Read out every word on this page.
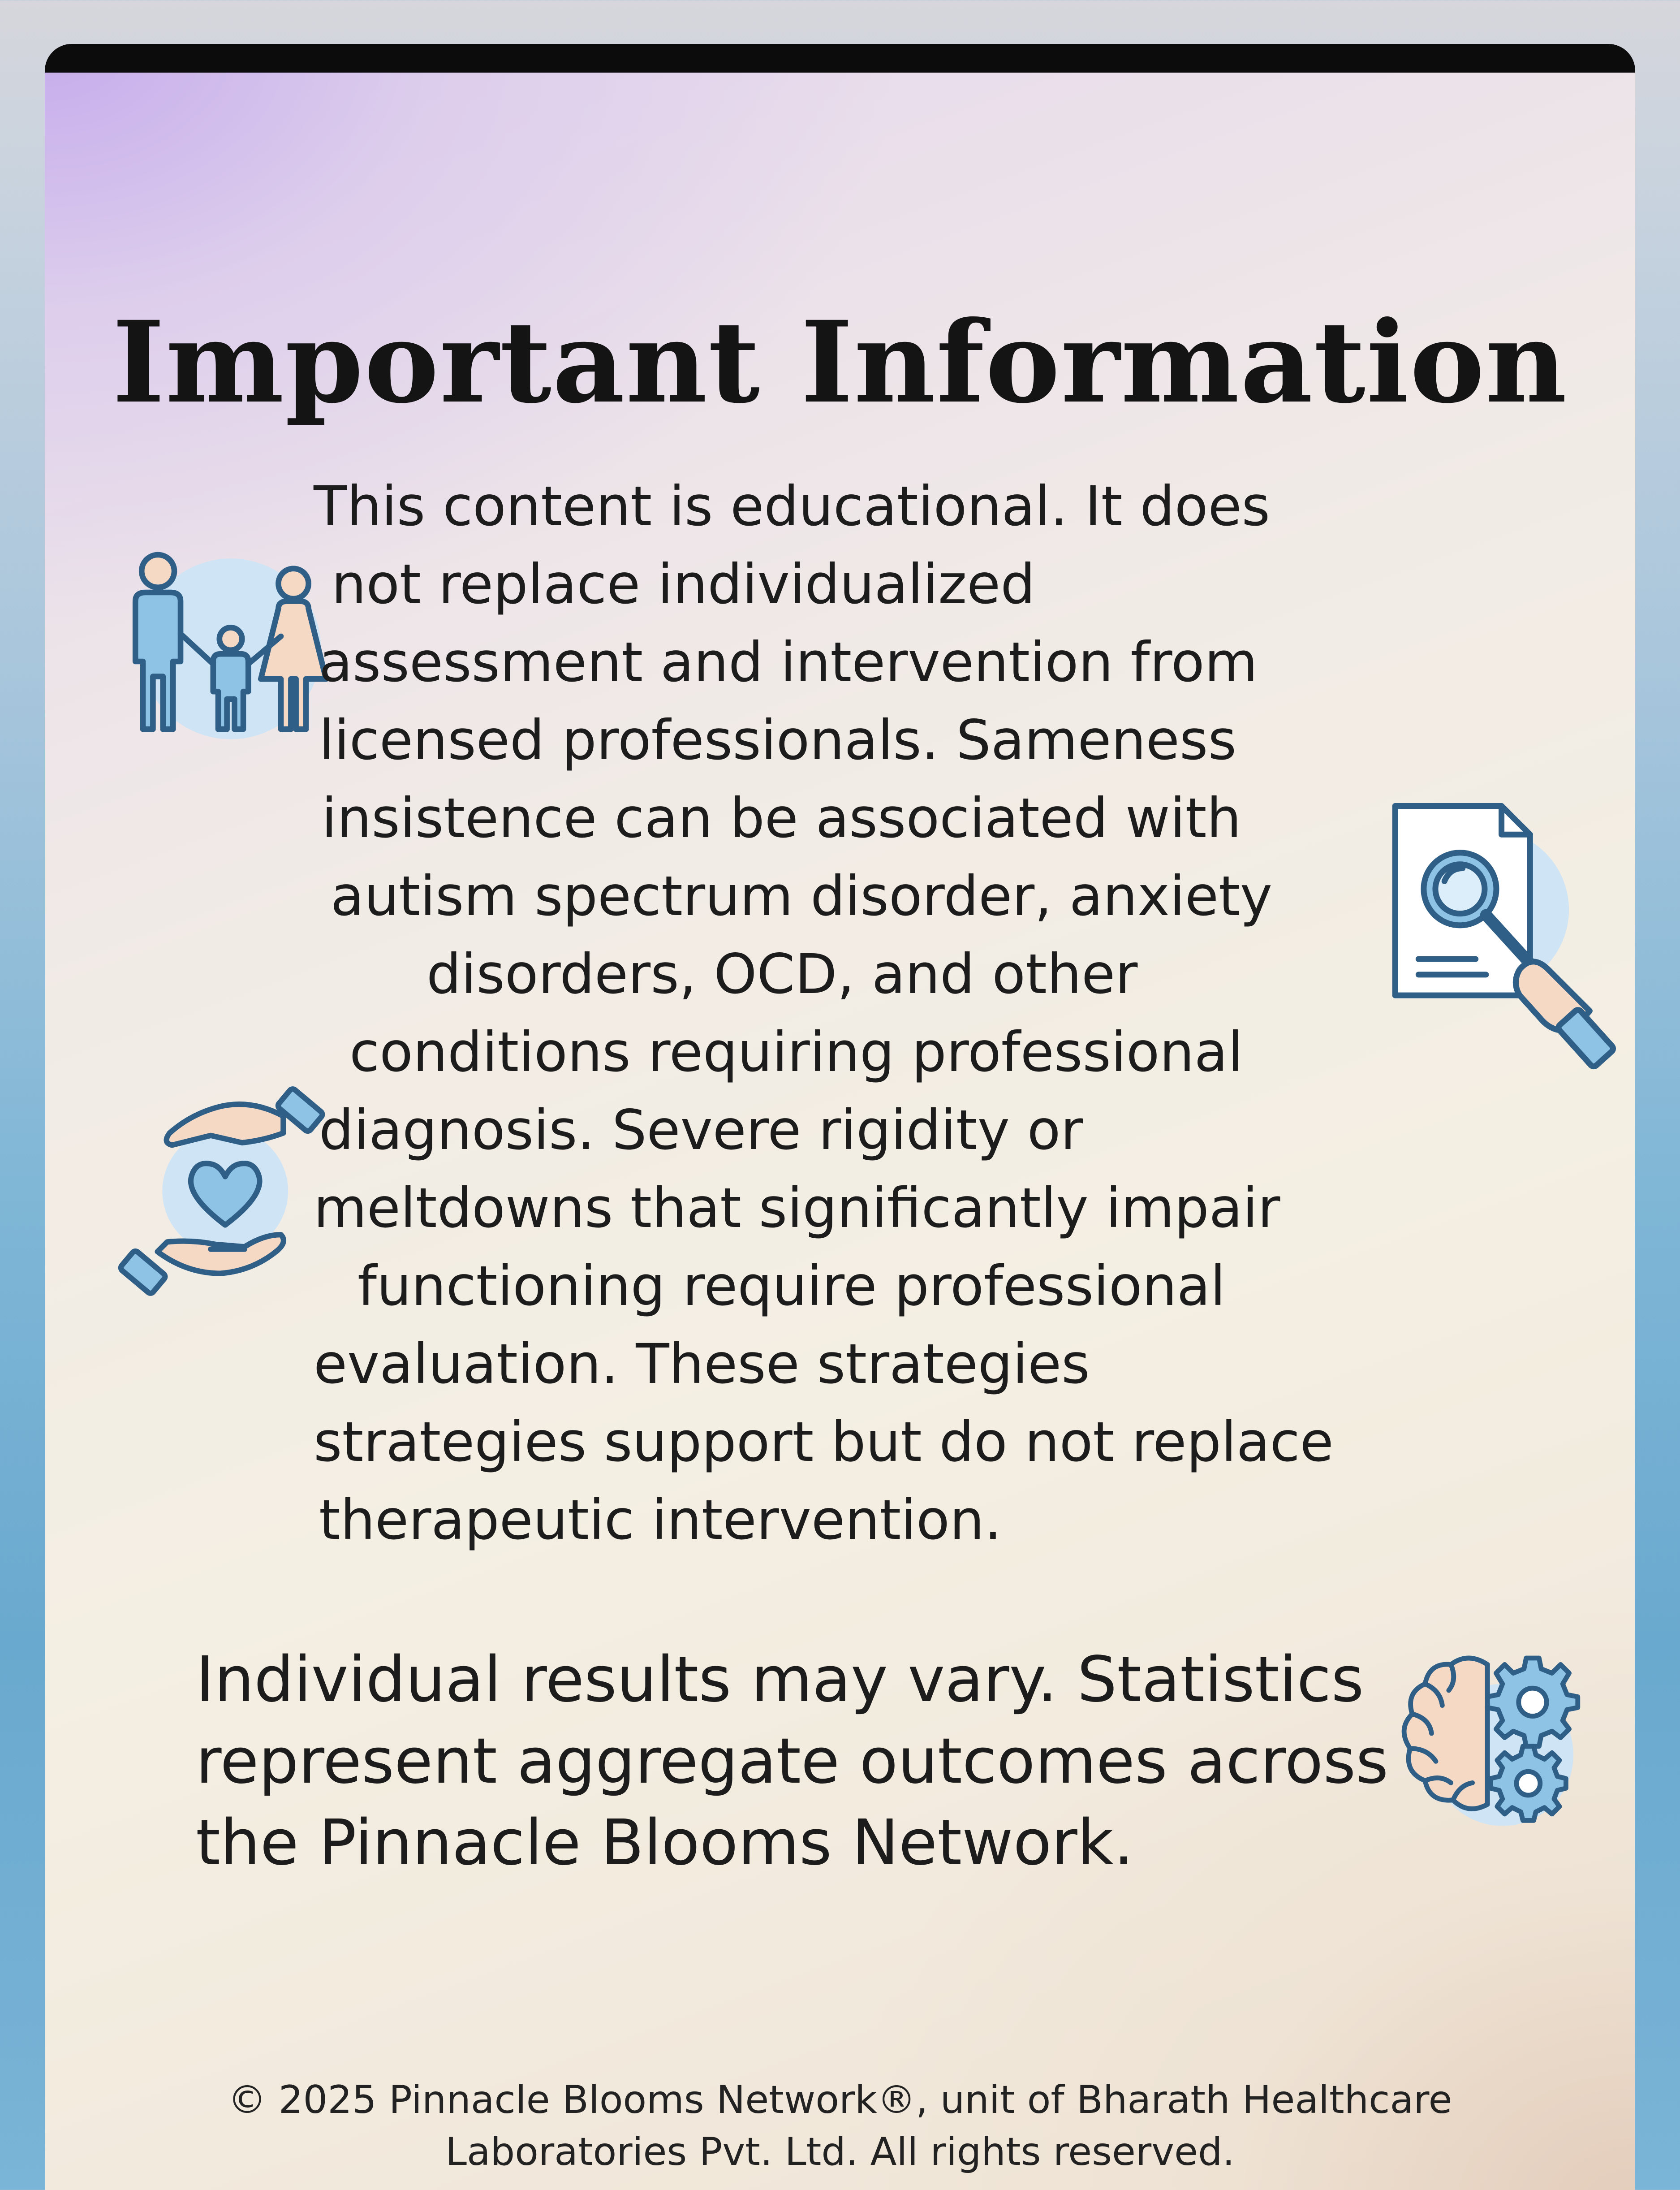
Important Information
This content is educational. It does
not replace individualized
assessment and intervention from
licensed professionals. Sameness
insistence can be associated with
autism spectrum disorder, anxiety
disorders, OCD, and other
conditions requiring professional
diagnosis. Severe rigidity or
meltdowns that significantly impair
functioning require professional
evaluation. These strategies
strategies support but do not replace
therapeutic intervention.
Individual results may vary. Statistics
represent aggregate outcomes across
the Pinnacle Blooms Network.
© 2025 Pinnacle Blooms Network®, unit of Bharath Healthcare
Laboratories Pvt. Ltd. All rights reserved.
